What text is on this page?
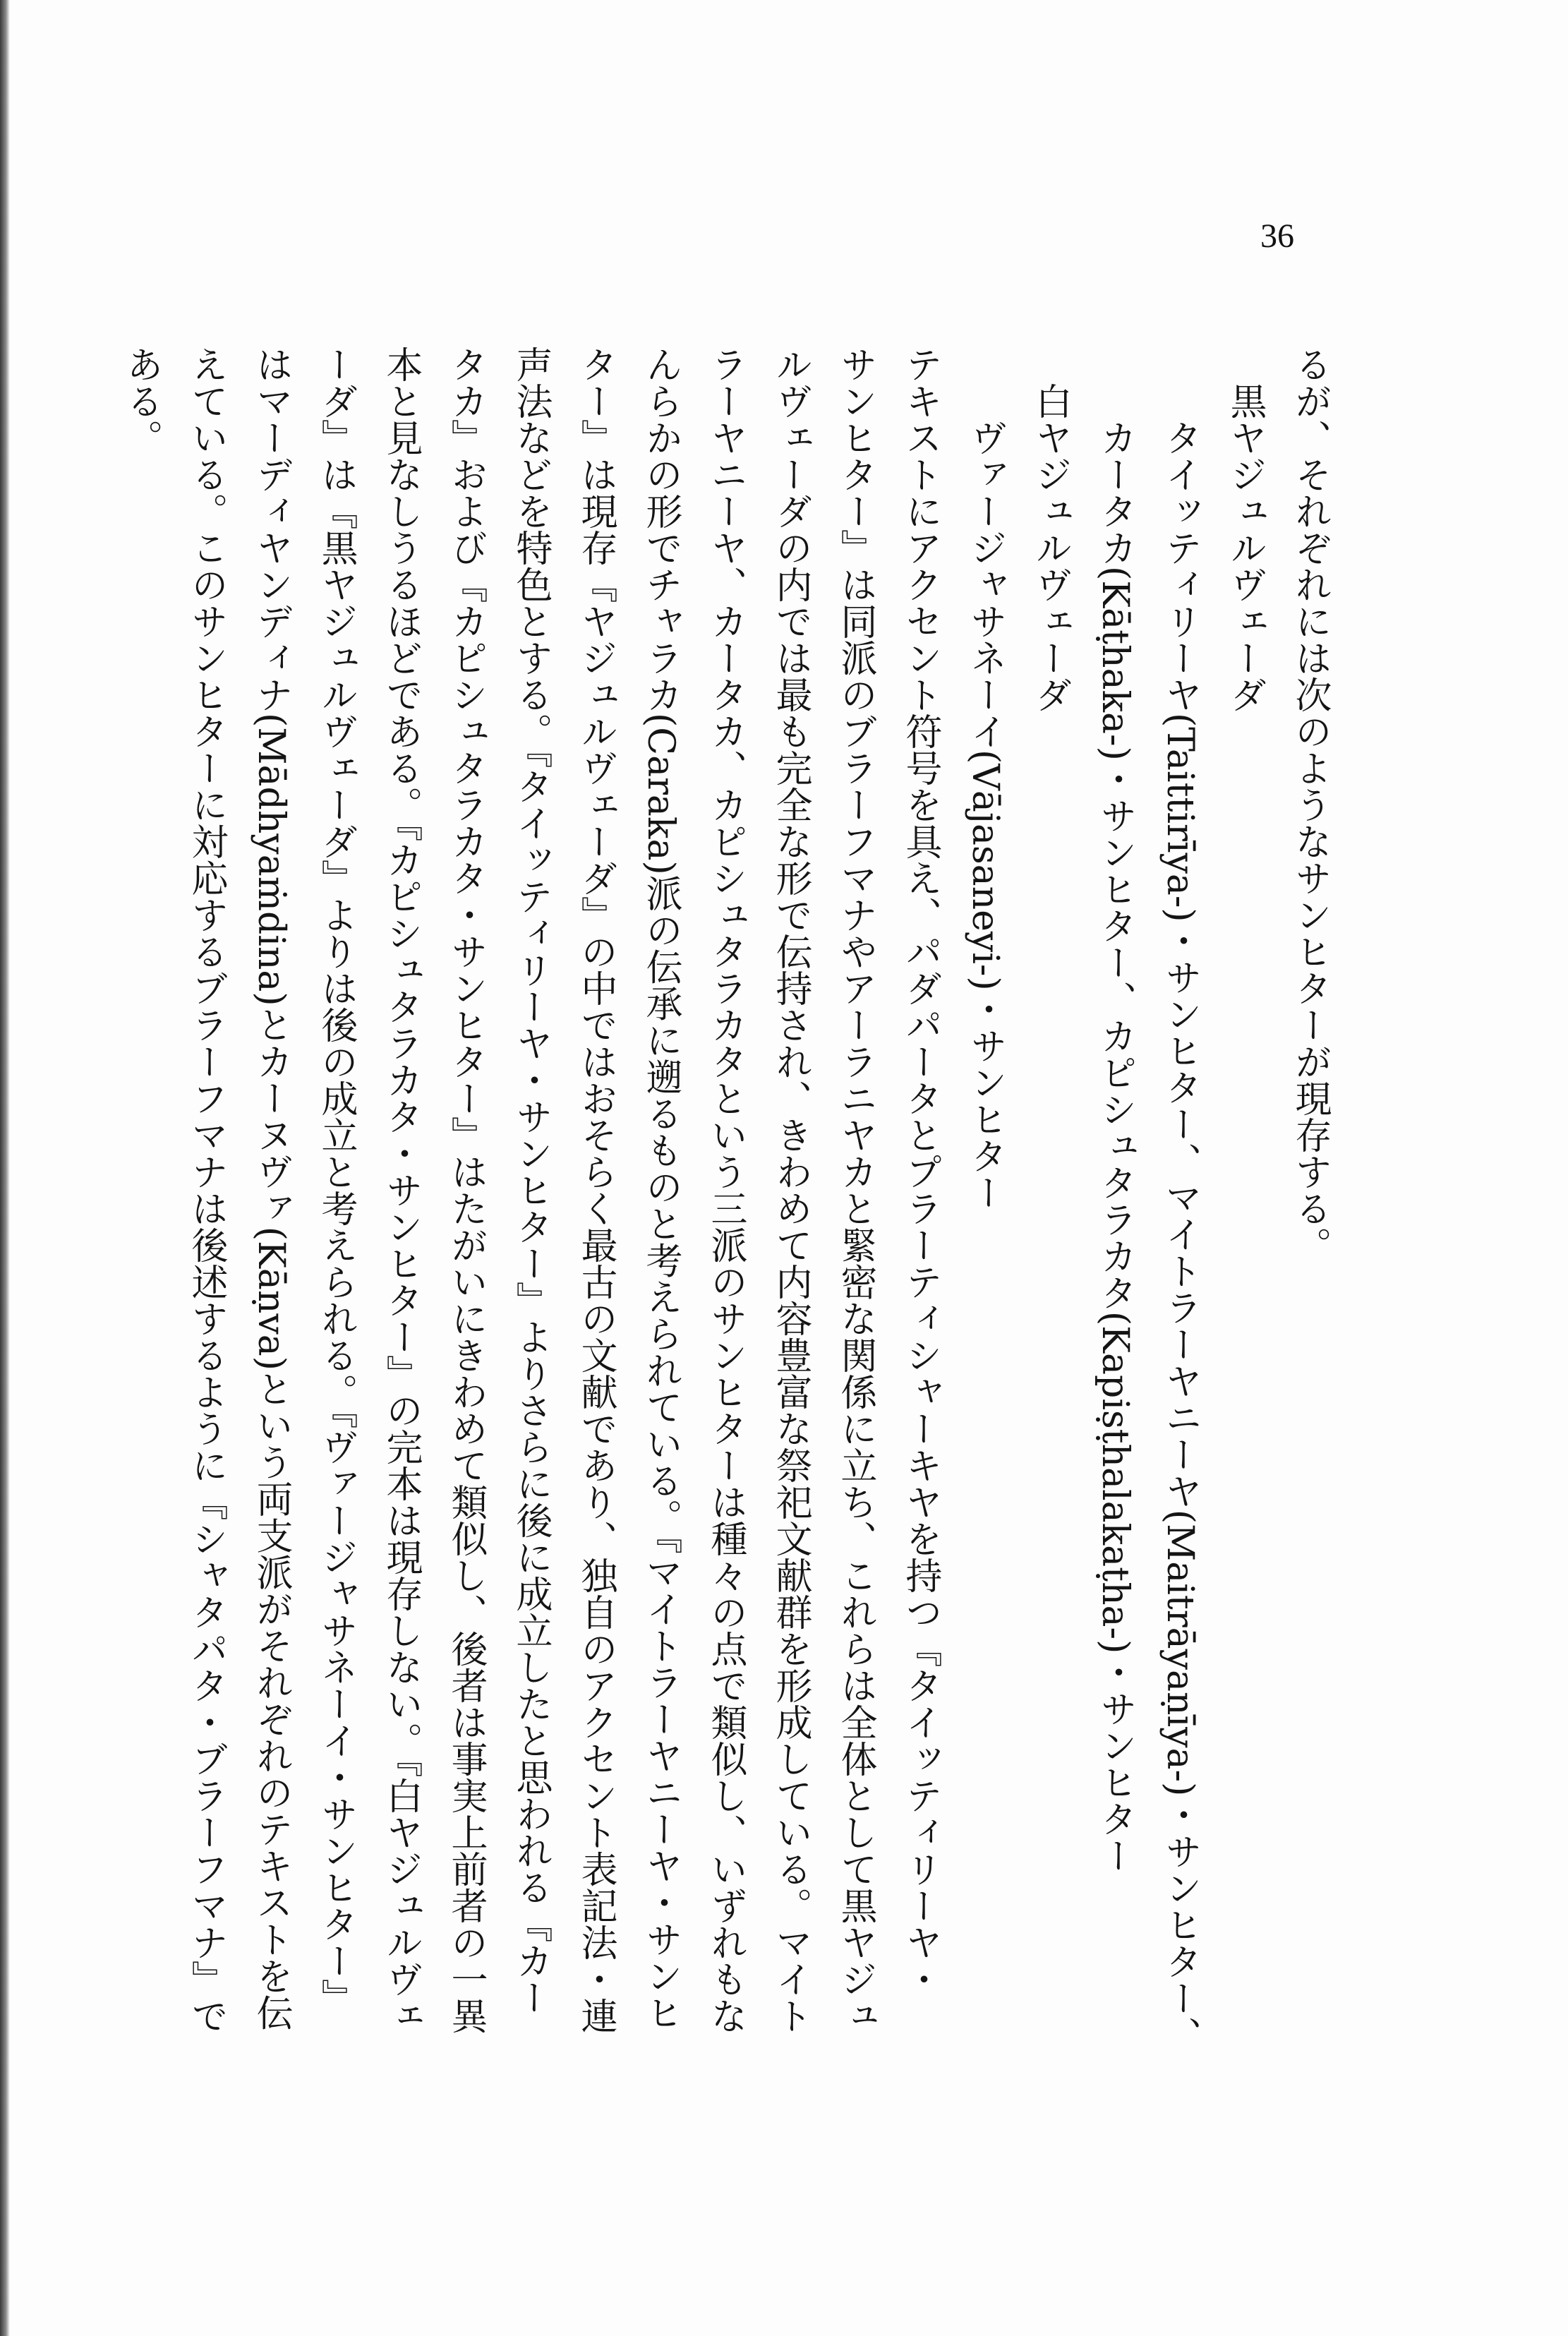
36
るが、それぞれには次のようなサンヒターが現存する。
黒ヤジュルヴェーダ
タイッティリーヤ(Taittirīya-)・サンヒター、マイトラーヤニーヤ(Maitrāyaṇīya-)・サンヒター、
カータカ(Kāṭhaka-)・サンヒター、カピシュタラカタ(Kapiṣṭhalakaṭha-)・サンヒター
白ヤジュルヴェーダ
ヴァージャサネーイ(Vājasaneyi-)・サンヒター
テキストにアクセント符号を具え、パダパータとプラーティシャーキヤを持つ『タイッティリーヤ・
サンヒター』は同派のブラーフマナやアーラニヤカと緊密な関係に立ち、これらは全体として黒ヤジュ
ルヴェーダの内では最も完全な形で伝持され、きわめて内容豊富な祭祀文献群を形成している。マイト
ラーヤニーヤ、カータカ、カピシュタラカタという三派のサンヒターは種々の点で類似し、いずれもな
んらかの形でチャラカ(Caraka)派の伝承に遡るものと考えられている。『マイトラーヤニーヤ・サンヒ
ター』は現存『ヤジュルヴェーダ』の中ではおそらく最古の文献であり、独自のアクセント表記法・連
声法などを特色とする。『タイッティリーヤ・サンヒター』よりさらに後に成立したと思われる『カー
タカ』および『カピシュタラカタ・サンヒター』はたがいにきわめて類似し、後者は事実上前者の一異
本と見なしうるほどである。『カピシュタラカタ・サンヒター』の完本は現存しない。『白ヤジュルヴェ
ーダ』は『黒ヤジュルヴェーダ』よりは後の成立と考えられる。『ヴァージャサネーイ・サンヒター』
はマーディヤンディナ(Mādhyaṁdina)とカーヌヴァ(Kāṇva)という両支派がそれぞれのテキストを伝
えている。このサンヒターに対応するブラーフマナは後述するように『シャタパタ・ブラーフマナ』で
ある。
